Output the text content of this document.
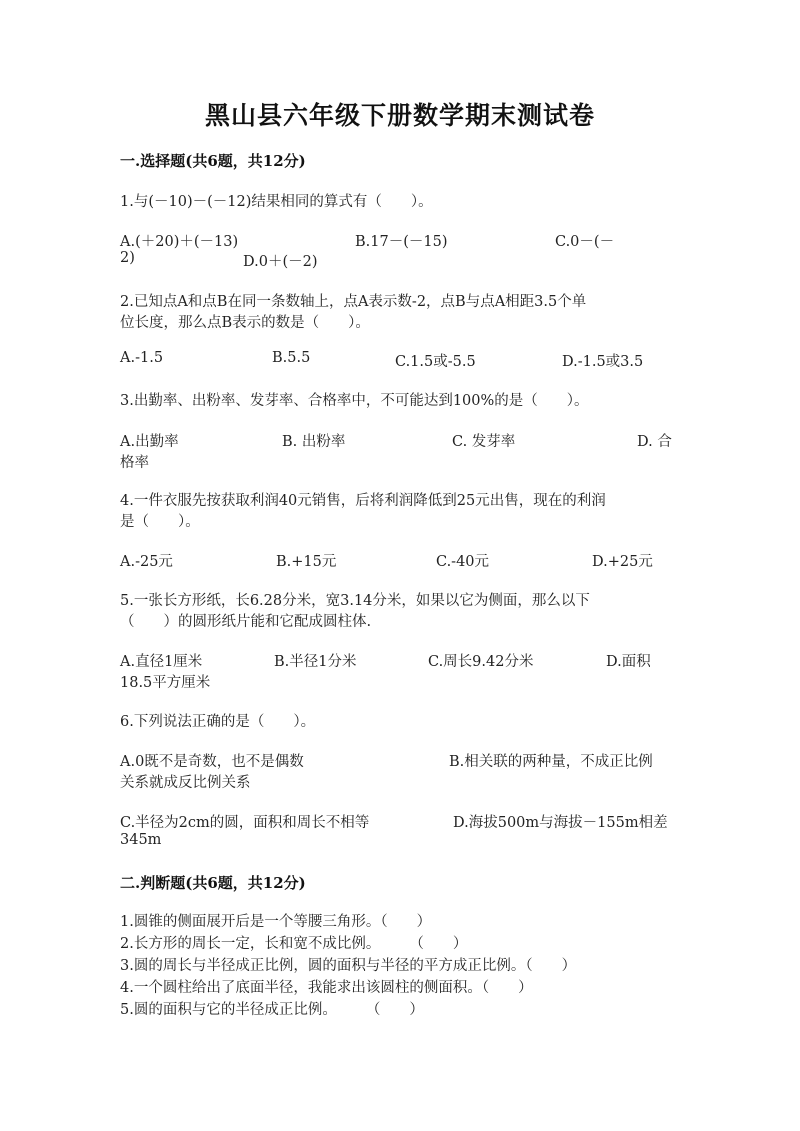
黑山县六年级下册数学期末测试卷
一.选择题(共6题，共12分)
1.与(－10)－(－12)结果相同的算式有（　　）。
A.(＋20)＋(－13)	B.17－(－15)	C.0－(－
2)	D.0＋(－2)
2.已知点A和点B在同一条数轴上，点A表示数-2，点B与点A相距3.5个单
位长度，那么点B表示的数是（　　）。
A.-1.5	B.5.5	C.1.5或-5.5	D.-1.5或3.5
3.出勤率、出粉率、发芽率、合格率中，不可能达到100%的是（　　）。
A.出勤率	B. 出粉率	C. 发芽率	D. 合
格率
4.一件衣服先按获取利润40元销售，后将利润降低到25元出售，现在的利润
是（　　）。
A.-25元	B.+15元	C.-40元	D.+25元
5.一张长方形纸，长6.28分米，宽3.14分米，如果以它为侧面，那么以下
（　　）的圆形纸片能和它配成圆柱体.
A.直径1厘米	B.半径1分米	C.周长9.42分米	D.面积
18.5平方厘米
6.下列说法正确的是（　　）。
A.0既不是奇数，也不是偶数	B.相关联的两种量，不成正比例
关系就成反比例关系
C.半径为2cm的圆，面积和周长不相等	D.海拔500m与海拔－155m相差
345m
二.判断题(共6题，共12分)
1.圆锥的侧面展开后是一个等腰三角形。（　　）
2.长方形的周长一定，长和宽不成比例。　　　（　　）
3.圆的周长与半径成正比例，圆的面积与半径的平方成正比例。（　　）
4.一个圆柱给出了底面半径，我能求出该圆柱的侧面积。（　　）
5.圆的面积与它的半径成正比例。　　　（　　）
